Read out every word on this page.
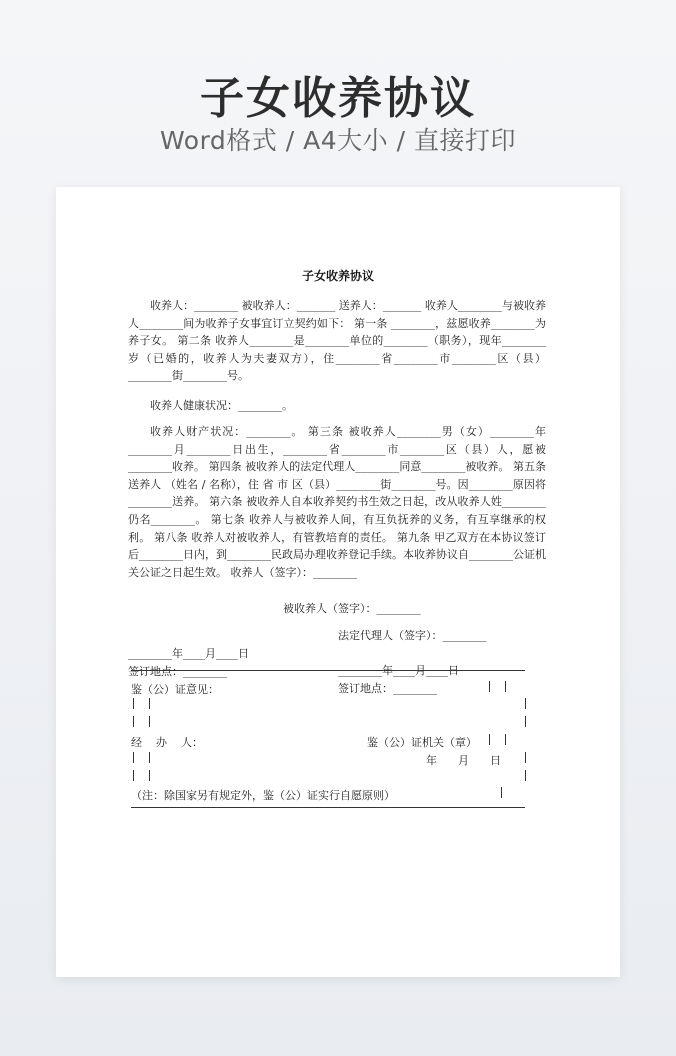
子女收养协议
Word格式 / A4大小 / 直接打印
子女收养协议
收养人：________ 被收养人：_______ 送养人：_______ 收养人________与被收养人________间为收养子女事宜订立契约如下： 第一条 ________，兹愿收养________为养子女。 第二条 收养人________是________单位的________（职务），现年________岁（已婚的，收养人为夫妻双方），住________省________市________区（县）________街________号。
收养人健康状况：________。
收养人财产状况：________。 第三条 被收养人________男（女）________年________月________日出生，________省________市________区（县）人，愿被________收养。 第四条 被收养人的法定代理人________同意________被收养。 第五条 送养人 （姓名 / 名称），住 省 市 区（县）________街________号。因________原因将________送养。 第六条 被收养人自本收养契约书生效之日起，改从收养人姓________仍名________。 第七条 收养人与被收养人间，有互负抚养的义务，有互享继承的权利。 第八条 收养人对被收养人，有管教培育的责任。 第九条 甲乙双方在本协议签订后________日内，到________民政局办理收养登记手续。本收养协议自________公证机关公证之日起生效。 收养人（签字）：________

被收养人（签字）：________

法定代理人（签字）：________

________年____月____日

________年____月____日

签订地点：________

签订地点：________

鉴（公）证意见：
经    办    人：	鉴（公）证机关（章）
年      月      日
（注：除国家另有规定外，鉴（公）证实行自愿原则）
